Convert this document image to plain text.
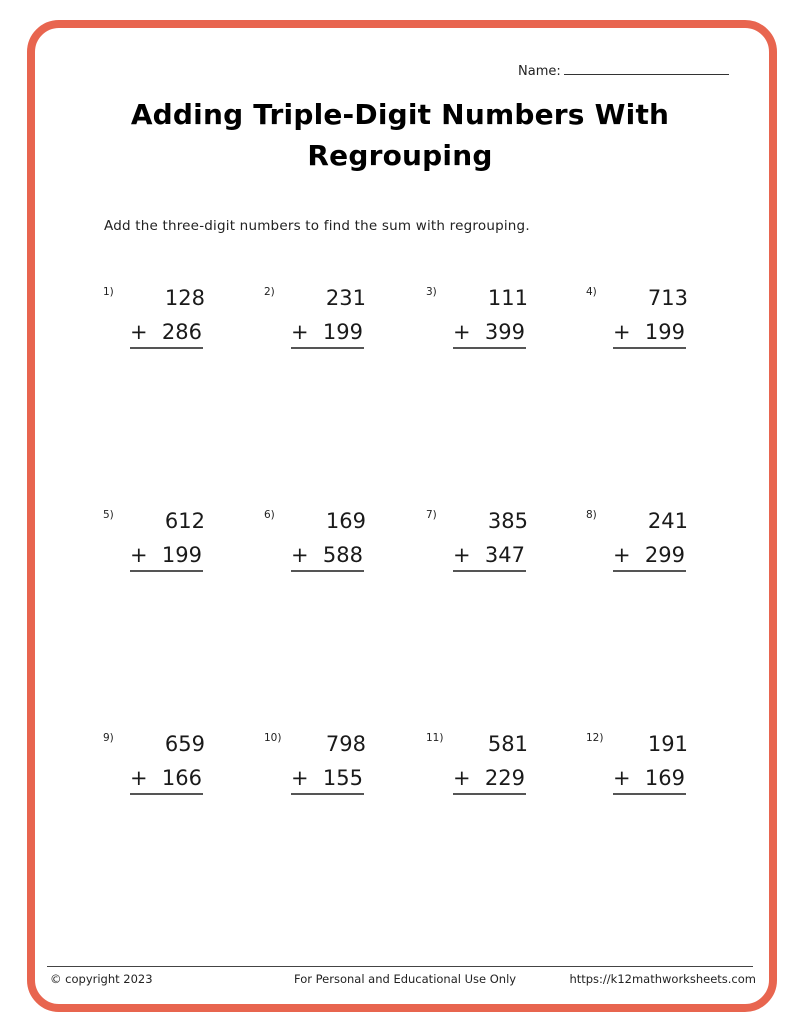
Name:
Adding Triple-Digit Numbers With Regrouping
Add the three-digit numbers to find the sum with regrouping.
1) 128
+ 286
2) 231
+ 199
3) 111
+ 399
4) 713
+ 199
5) 612
+ 199
6) 169
+ 588
7) 385
+ 347
8) 241
+ 299
9) 659
+ 166
10) 798
+ 155
11) 581
+ 229
12) 191
+ 169
© copyright 2023	For Personal and Educational Use Only	https://k12mathworksheets.com
